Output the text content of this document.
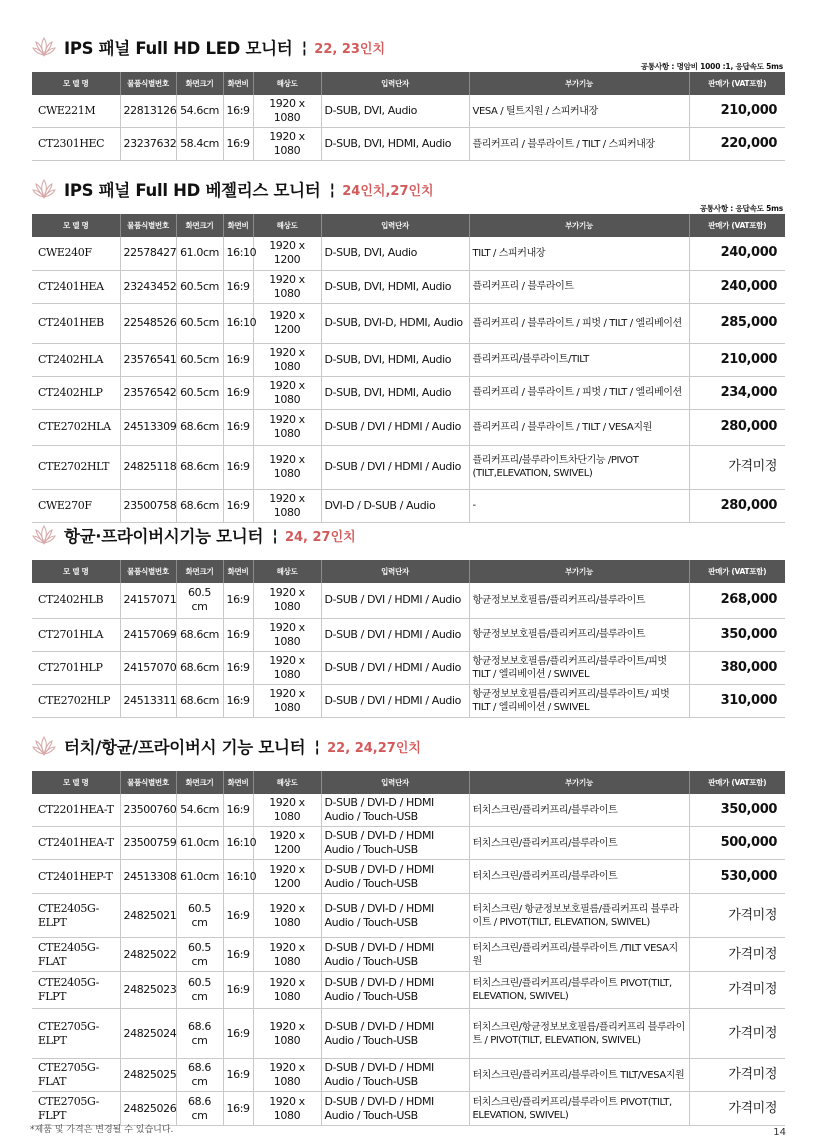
IPS 패널 Full HD LED 모니터 ¦ 22, 23인치
공통사항 : 명암비 1000 :1, 응답속도 5ms
모 델 명	물품식별번호	화면크기	화면비	해상도	입력단자	부가기능	판매가 (VAT포함)
CWE221M	22813126	54.6cm	16:9	1920 x 1080	D-SUB, DVI, Audio	VESA / 틸트지원 / 스피커내장	210,000
CT2301HEC	23237632	58.4cm	16:9	1920 x 1080	D-SUB, DVI, HDMI, Audio	플리커프리 / 블루라이트 / TILT / 스피커내장	220,000
IPS 패널 Full HD 베젤리스 모니터 ¦ 24인치,27인치
공통사항 : 응답속도 5ms
모 델 명	물품식별번호	화면크기	화면비	해상도	입력단자	부가기능	판매가 (VAT포함)
CWE240F	22578427	61.0cm	16:10	1920 x 1200	D-SUB, DVI, Audio	TILT / 스피커내장	240,000
CT2401HEA	23243452	60.5cm	16:9	1920 x 1080	D-SUB, DVI, HDMI, Audio	플리커프리 / 블루라이트	240,000
CT2401HEB	22548526	60.5cm	16:10	1920 x 1200	D-SUB, DVI-D, HDMI, Audio	플리커프리 / 블루라이트 / 피벗 / TILT / 엘리베이션	285,000
CT2402HLA	23576541	60.5cm	16:9	1920 x 1080	D-SUB, DVI, HDMI, Audio	플리커프리/블루라이트/TILT	210,000
CT2402HLP	23576542	60.5cm	16:9	1920 x 1080	D-SUB, DVI, HDMI, Audio	플리커프리 / 블루라이트 / 피벗 / TILT / 엘리베이션	234,000
CTE2702HLA	24513309	68.6cm	16:9	1920 x 1080	D-SUB / DVI / HDMI / Audio	플리커프리 / 블루라이트 / TILT / VESA지원	280,000
CTE2702HLT	24825118	68.6cm	16:9	1920 x 1080	D-SUB / DVI / HDMI / Audio	플리커프리/블루라이트차단기능 /PIVOT (TILT,ELEVATION, SWIVEL)	가격미정
CWE270F	23500758	68.6cm	16:9	1920 x 1080	DVI-D / D-SUB / Audio	-	280,000
항균·프라이버시기능 모니터 ¦ 24, 27인치
모 델 명	물품식별번호	화면크기	화면비	해상도	입력단자	부가기능	판매가 (VAT포함)
CT2402HLB	24157071	60.5 cm	16:9	1920 x 1080	D-SUB / DVI / HDMI / Audio	항균정보보호필름/플리커프리/블루라이트	268,000
CT2701HLA	24157069	68.6cm	16:9	1920 x 1080	D-SUB / DVI / HDMI / Audio	항균정보보호필름/플리커프리/블루라이트	350,000
CT2701HLP	24157070	68.6cm	16:9	1920 x 1080	D-SUB / DVI / HDMI / Audio	항균정보보호필름/플리커프리/블루라이트/피벗 TILT / 엘리베이션 / SWIVEL	380,000
CTE2702HLP	24513311	68.6cm	16:9	1920 x 1080	D-SUB / DVI / HDMI / Audio	항균정보보호필름/플리커프리/블루라이트/ 피벗 TILT / 엘리베이션 / SWIVEL	310,000
터치/항균/프라이버시 기능 모니터 ¦ 22, 24,27인치
모 델 명	물품식별번호	화면크기	화면비	해상도	입력단자	부가기능	판매가 (VAT포함)
CT2201HEA-T	23500760	54.6cm	16:9	1920 x 1080	D-SUB / DVI-D / HDMI Audio / Touch-USB	터치스크린/플리커프리/블루라이트	350,000
CT2401HEA-T	23500759	61.0cm	16:10	1920 x 1200	D-SUB / DVI-D / HDMI Audio / Touch-USB	터치스크린/플리커프리/블루라이트	500,000
CT2401HEP-T	24513308	61.0cm	16:10	1920 x 1200	D-SUB / DVI-D / HDMI Audio / Touch-USB	터치스크린/플리커프리/블루라이트	530,000
CTE2405G-ELPT	24825021	60.5 cm	16:9	1920 x 1080	D-SUB / DVI-D / HDMI Audio / Touch-USB	터치스크린/ 항균정보보호필름/플리커프리 블루라이트 / PIVOT(TILT, ELEVATION, SWIVEL)	가격미정
CTE2405G-FLAT	24825022	60.5 cm	16:9	1920 x 1080	D-SUB / DVI-D / HDMI Audio / Touch-USB	터치스크린/플리커프리/블루라이트 /TILT VESA지원	가격미정
CTE2405G-FLPT	24825023	60.5 cm	16:9	1920 x 1080	D-SUB / DVI-D / HDMI Audio / Touch-USB	터치스크린/플리커프리/블루라이트 PIVOT(TILT, ELEVATION, SWIVEL)	가격미정
CTE2705G-ELPT	24825024	68.6 cm	16:9	1920 x 1080	D-SUB / DVI-D / HDMI Audio / Touch-USB	터치스크린/항균정보보호필름/플리커프리 블루라이트 / PIVOT(TILT, ELEVATION, SWIVEL)	가격미정
CTE2705G-FLAT	24825025	68.6 cm	16:9	1920 x 1080	D-SUB / DVI-D / HDMI Audio / Touch-USB	터치스크린/플리커프리/블루라이트 TILT/VESA지원	가격미정
CTE2705G-FLPT	24825026	68.6 cm	16:9	1920 x 1080	D-SUB / DVI-D / HDMI Audio / Touch-USB	터치스크린/플리커프리/블루라이트 PIVOT(TILT, ELEVATION, SWIVEL)	가격미정
*제품 및 가격은 변경될 수 있습니다.	14
